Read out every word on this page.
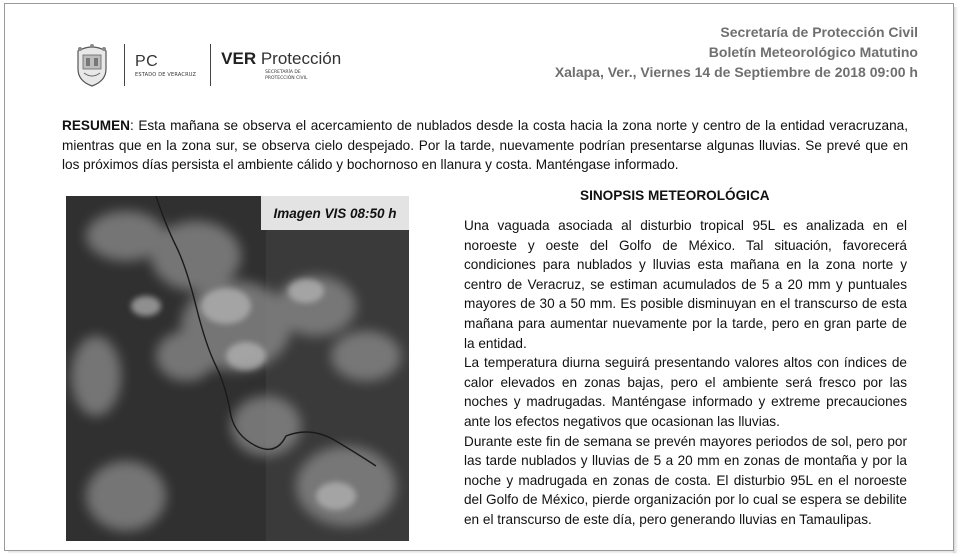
PC
ESTADO DE VERACRUZ
VER Protección
SECRETARÍA DE
PROTECCIÓN CIVIL
Secretaría de Protección Civil
Boletín Meteorológico Matutino
Xalapa, Ver., Viernes 14 de Septiembre de 2018 09:00 h
RESUMEN: Esta mañana se observa el acercamiento de nublados desde la costa hacia la zona norte y centro de la entidad veracruzana, mientras que en la zona sur, se observa cielo despejado. Por la tarde, nuevamente podrían presentarse algunas lluvias. Se prevé que en los próximos días persista el ambiente cálido y bochornoso en llanura y costa. Manténgase informado.
Imagen VIS 08:50 h
SINOPSIS METEOROLÓGICA

Una vaguada asociada al disturbio tropical 95L es analizada en el noroeste y oeste del Golfo de México. Tal situación, favorecerá condiciones para nublados y lluvias esta mañana en la zona norte y centro de Veracruz, se estiman acumulados de 5 a 20 mm y puntuales mayores de 30 a 50 mm. Es posible disminuyan en el transcurso de esta mañana para aumentar nuevamente por la tarde, pero en gran parte de la entidad.

La temperatura diurna seguirá presentando valores altos con índices de calor elevados en zonas bajas, pero el ambiente será fresco por las noches y madrugadas. Manténgase informado y extreme precauciones ante los efectos negativos que ocasionan las lluvias.

Durante este fin de semana se prevén mayores periodos de sol, pero por las tarde nublados y lluvias de 5 a 20 mm en zonas de montaña y por la noche y madrugada en zonas de costa. El disturbio 95L en el noroeste del Golfo de México, pierde organización por lo cual se espera se debilite en el transcurso de este día, pero generando lluvias en Tamaulipas.
